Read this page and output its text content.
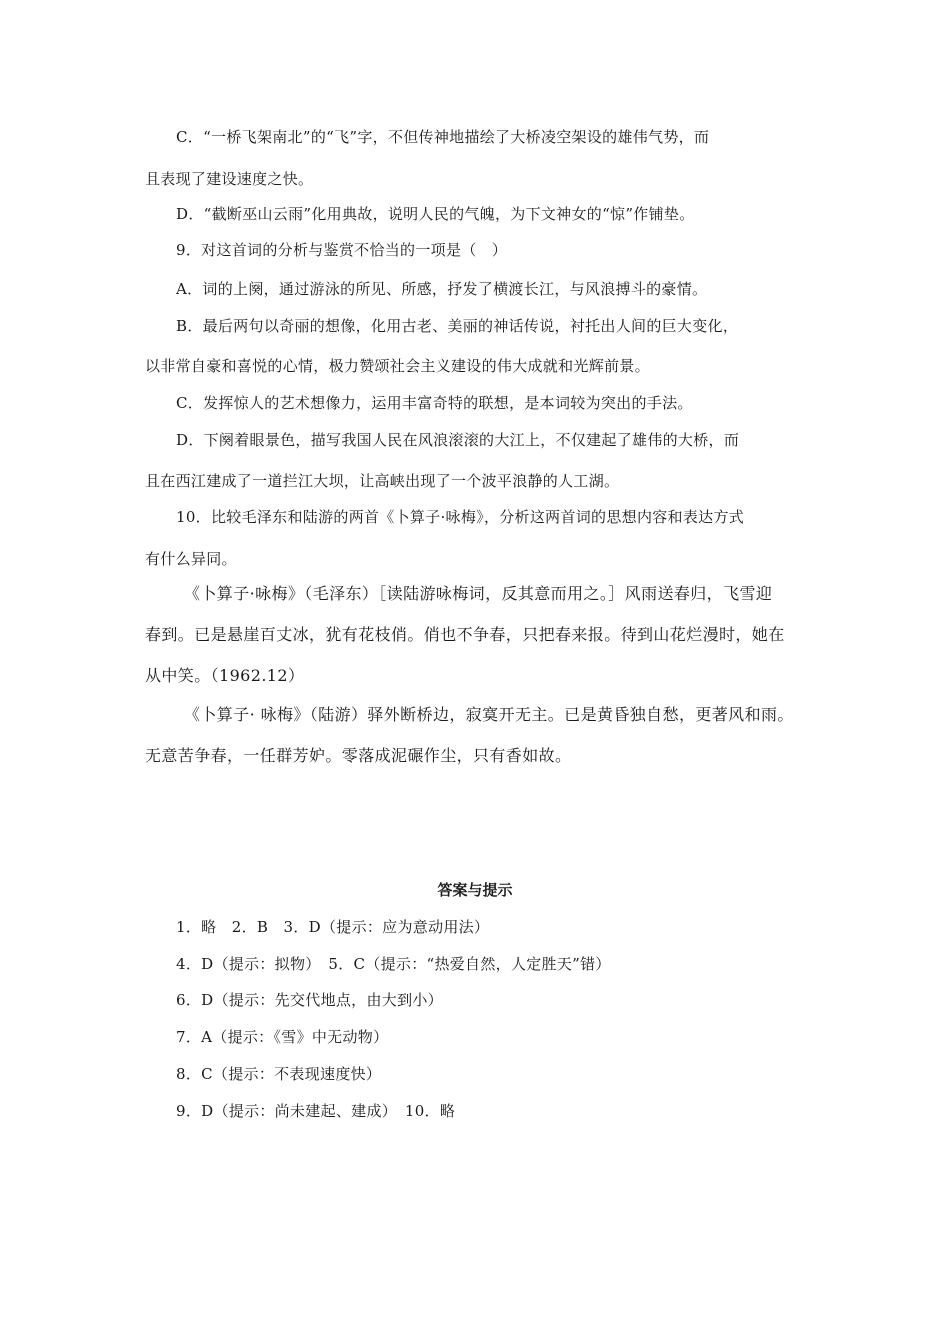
C．“一桥飞架南北”的“飞”字，不但传神地描绘了大桥凌空架设的雄伟气势，而
且表现了建设速度之快。
D．“截断巫山云雨”化用典故，说明人民的气魄，为下文神女的“惊”作铺垫。
9．对这首词的分析与鉴赏不恰当的一项是（　）
A．词的上阕，通过游泳的所见、所感，抒发了横渡长江，与风浪搏斗的豪情。
B．最后两句以奇丽的想像，化用古老、美丽的神话传说，衬托出人间的巨大变化，
以非常自豪和喜悦的心情，极力赞颂社会主义建设的伟大成就和光辉前景。
C．发挥惊人的艺术想像力，运用丰富奇特的联想，是本词较为突出的手法。
D．下阕着眼景色，描写我国人民在风浪滚滚的大江上，不仅建起了雄伟的大桥，而
且在西江建成了一道拦江大坝，让高峡出现了一个波平浪静的人工湖。
10．比较毛泽东和陆游的两首《卜算子·咏梅》，分析这两首词的思想内容和表达方式
有什么异同。
《卜算子·咏梅》（毛泽东）［读陆游咏梅词，反其意而用之。］风雨送春归，飞雪迎
春到。已是悬崖百丈冰，犹有花枝俏。俏也不争春，只把春来报。待到山花烂漫时，她在
从中笑。（1962.12）
《卜算子· 咏梅》（陆游）驿外断桥边，寂寞开无主。已是黄昏独自愁，更著风和雨。
无意苦争春，一任群芳妒。零落成泥碾作尘，只有香如故。
答案与提示
1．略　2．B　3．D（提示：应为意动用法）
4．D（提示：拟物）　5．C（提示：“热爱自然，人定胜天”错）
6．D（提示：先交代地点，由大到小）
7．A（提示：《雪》中无动物）
8．C（提示：不表现速度快）
9．D（提示：尚未建起、建成）　10．略
